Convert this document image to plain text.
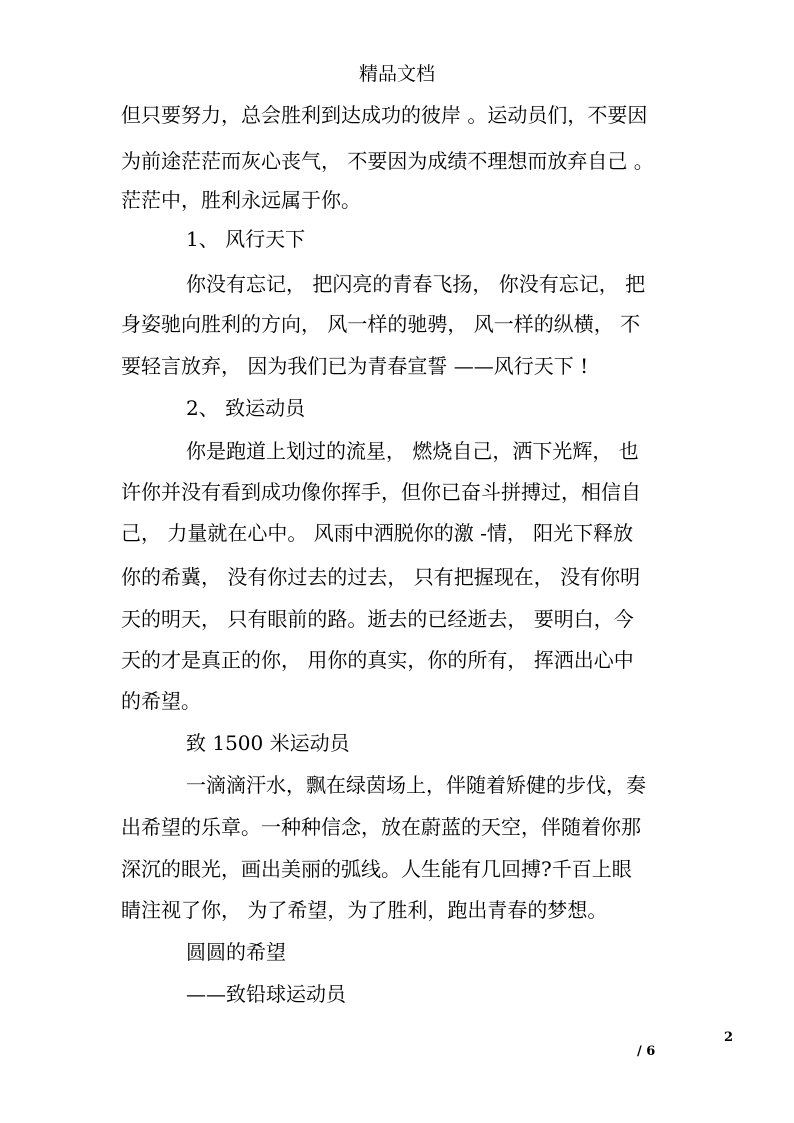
精品文档

但只要努力，总会胜利到达成功的彼岸 。运动员们，不要因

为前途茫茫而灰心丧气， 不要因为成绩不理想而放弃自己 。

茫茫中，胜利永远属于你。

1、 风行天下

你没有忘记， 把闪亮的青春飞扬， 你没有忘记， 把

身姿驰向胜利的方向， 风一样的驰骋， 风一样的纵横， 不

要轻言放弃， 因为我们已为青春宣誓 ——风行天下 !

2、 致运动员

你是跑道上划过的流星， 燃烧自己，洒下光辉， 也

许你并没有看到成功像你挥手，但你已奋斗拼搏过，相信自

己， 力量就在心中。 风雨中洒脱你的激 -情， 阳光下释放

你的希冀， 没有你过去的过去， 只有把握现在， 没有你明

天的明天， 只有眼前的路。逝去的已经逝去， 要明白，今

天的才是真正的你， 用你的真实，你的所有， 挥洒出心中

的希望。

致 1500 米运动员

一滴滴汗水，飘在绿茵场上，伴随着矫健的步伐，奏

出希望的乐章。一种种信念，放在蔚蓝的天空，伴随着你那

深沉的眼光，画出美丽的弧线。人生能有几回搏?千百上眼

睛注视了你， 为了希望，为了胜利，跑出青春的梦想。

圆圆的希望

——致铅球运动员

2
/ 6
